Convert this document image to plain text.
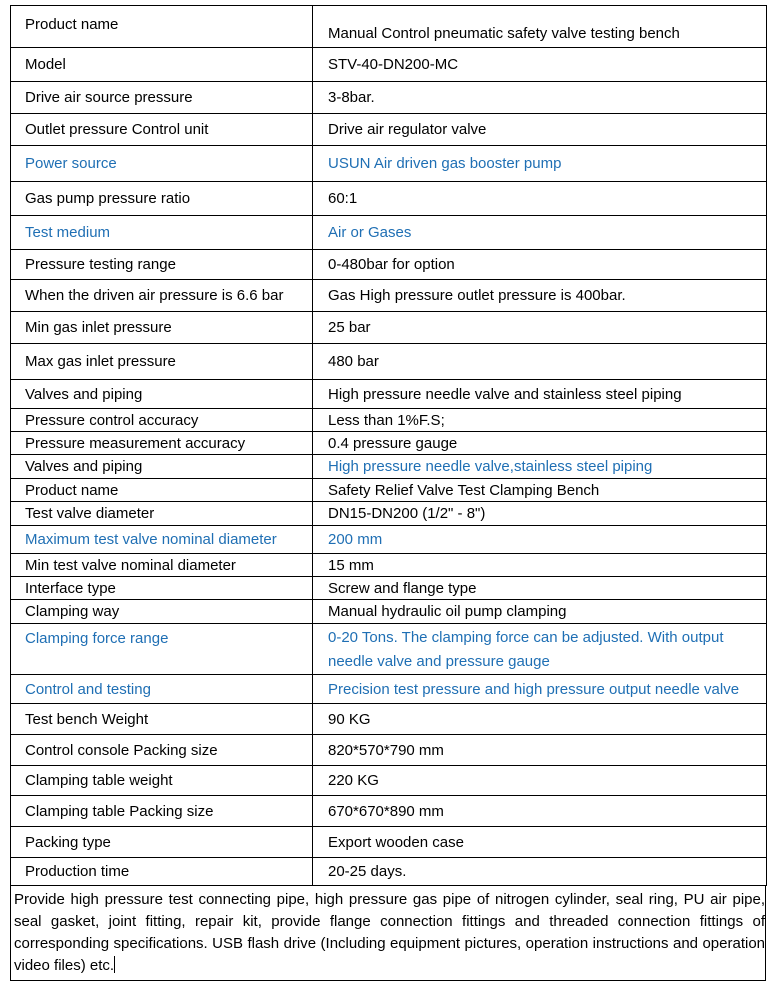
Product name	Manual Control pneumatic safety valve testing bench
Model	STV-40-DN200-MC
Drive air source pressure	3-8bar.
Outlet pressure Control unit	Drive air regulator valve
Power source	USUN Air driven gas booster pump
Gas pump pressure ratio	60:1
Test medium	Air or Gases
Pressure testing range	0-480bar for option
When the driven air pressure is 6.6 bar	Gas High pressure outlet pressure is 400bar.
Min gas inlet pressure	25 bar
Max gas inlet pressure	480 bar
Valves and piping	High pressure needle valve and stainless steel piping
Pressure control accuracy	Less than 1%F.S;
Pressure measurement accuracy	0.4 pressure gauge
Valves and piping	High pressure needle valve,stainless steel piping
Product name	Safety Relief Valve Test Clamping Bench
Test valve diameter	DN15-DN200 (1/2" - 8")
Maximum test valve nominal diameter	200 mm
Min test valve nominal diameter	15 mm
Interface type	Screw and flange type
Clamping way	Manual hydraulic oil pump clamping
Clamping force range	0-20 Tons. The clamping force can be adjusted. With output needle valve and pressure gauge
Control and testing	Precision test pressure and high pressure output needle valve
Test bench Weight	90 KG
Control console Packing size	820*570*790 mm
Clamping table weight	220 KG
Clamping table Packing size	670*670*890 mm
Packing type	Export wooden case
Production time	20-25 days.
Provide high pressure test connecting pipe, high pressure gas pipe of nitrogen cylinder, seal ring, PU air pipe, seal gasket, joint fitting, repair kit, provide flange connection fittings and threaded connection fittings of corresponding specifications. USB flash drive (Including equipment pictures, operation instructions and operation video files) etc.
